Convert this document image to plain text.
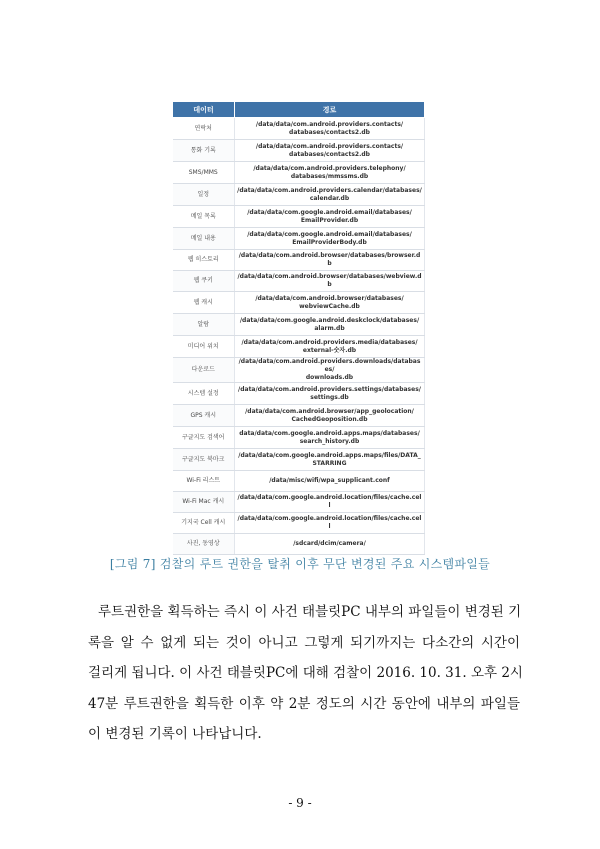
데이터	경로
연락처	/data/data/com.android.providers.contacts/
databases/contacts2.db

통화 기록	/data/data/com.android.providers.contacts/
databases/contacts2.db

SMS/MMS	/data/data/com.android.providers.telephony/
databases/mmssms.db

일정	/data/data/com.android.providers.calendar/databases/
calendar.db

메일 목록	/data/data/com.google.android.email/databases/
EmailProvider.db

메일 내용	/data/data/com.google.android.email/databases/
EmailProviderBody.db

웹 히스토리	/data/data/com.android.browser/databases/browser.db

웹 쿠키	/data/data/com.android.browser/databases/webview.db

웹 캐시	/data/data/com.android.browser/databases/
webviewCache.db

알람	/data/data/com.google.android.deskclock/databases/
alarm.db

미디어 위치	/data/data/com.android.providers.media/databases/
external-숫자.db

다운로드	/data/data/com.android.providers.downloads/databases/
downloads.db

시스템 설정	/data/data/com.android.providers.settings/databases/
settings.db

GPS 캐시	/data/data/com.android.browser/app_geolocation/
CachedGeoposition.db

구글지도 검색어	data/data/com.google.android.apps.maps/databases/
search_history.db

구글지도 북마크	/data/data/com.google.android.apps.maps/files/DATA_
STARRING

Wi-Fi 리스트	/data/misc/wifi/wpa_supplicant.conf

Wi-Fi Mac 캐시	/data/data/com.google.android.location/files/cache.cell

기지국 Cell 캐시	/data/data/com.google.android.location/files/cache.cell

사진, 동영상	/sdcard/dcim/camera/
[그림 7] 검찰의 루트 권한을 탈취 이후 무단 변경된 주요 시스템파일들
루트권한을 획득하는 즉시 이 사건 태블릿PC 내부의 파일들이 변경된 기
록을 알 수 없게 되는 것이 아니고 그렇게 되기까지는 다소간의 시간이
걸리게 됩니다. 이 사건 태블릿PC에 대해 검찰이 2016. 10. 31. 오후 2시
47분 루트권한을 획득한 이후 약 2분 정도의 시간 동안에 내부의 파일들
이 변경된 기록이 나타납니다.
- 9 -
